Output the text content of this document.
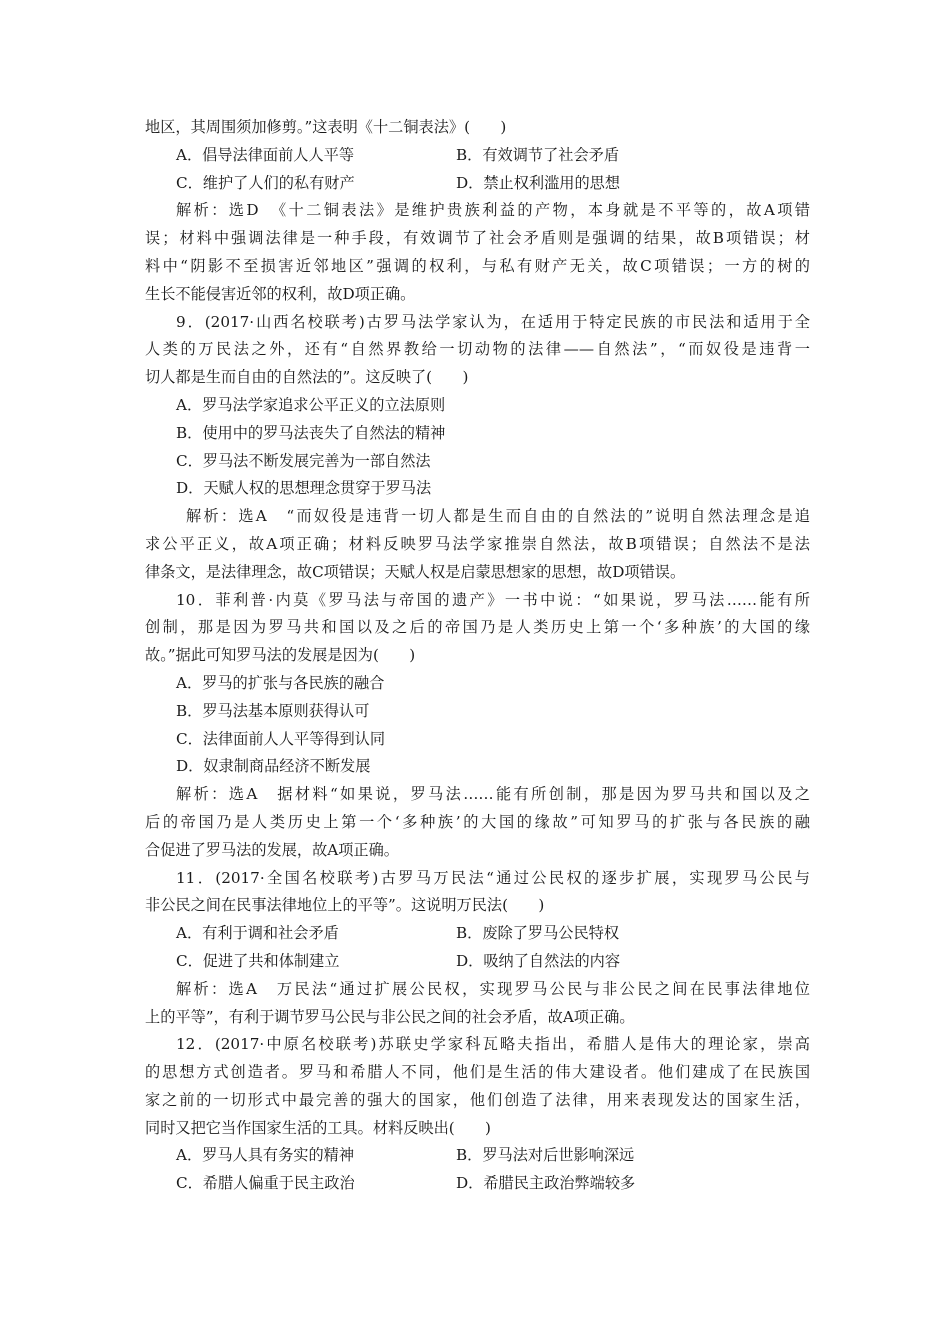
地区，其周围须加修剪。”这表明《十二铜表法》(　　)
A．倡导法律面前人人平等	B．有效调节了社会矛盾
C．维护了人们的私有财产	D．禁止权利滥用的思想
解析：选D　《十二铜表法》是维护贵族利益的产物，本身就是不平等的，故A项错
误；材料中强调法律是一种手段，有效调节了社会矛盾则是强调的结果，故B项错误；材
料中“阴影不至损害近邻地区”强调的权利，与私有财产无关，故C项错误；一方的树的
生长不能侵害近邻的权利，故D项正确。
9．(2017·山西名校联考)古罗马法学家认为，在适用于特定民族的市民法和适用于全
人类的万民法之外，还有“自然界教给一切动物的法律——自然法”，“而奴役是违背一
切人都是生而自由的自然法的”。这反映了(　　)
A．罗马法学家追求公平正义的立法原则
B．使用中的罗马法丧失了自然法的精神
C．罗马法不断发展完善为一部自然法
D．天赋人权的思想理念贯穿于罗马法
解析：选A　“而奴役是违背一切人都是生而自由的自然法的”说明自然法理念是追
求公平正义，故A项正确；材料反映罗马法学家推崇自然法，故B项错误；自然法不是法
律条文，是法律理念，故C项错误；天赋人权是启蒙思想家的思想，故D项错误。
10．菲利普·内莫《罗马法与帝国的遗产》一书中说：“如果说，罗马法……能有所
创制，那是因为罗马共和国以及之后的帝国乃是人类历史上第一个‘多种族’的大国的缘
故。”据此可知罗马法的发展是因为(　　)
A．罗马的扩张与各民族的融合
B．罗马法基本原则获得认可
C．法律面前人人平等得到认同
D．奴隶制商品经济不断发展
解析：选A　据材料“如果说，罗马法……能有所创制，那是因为罗马共和国以及之
后的帝国乃是人类历史上第一个‘多种族’的大国的缘故”可知罗马的扩张与各民族的融
合促进了罗马法的发展，故A项正确。
11．(2017·全国名校联考)古罗马万民法“通过公民权的逐步扩展，实现罗马公民与
非公民之间在民事法律地位上的平等”。这说明万民法(　　)
A．有利于调和社会矛盾	B．废除了罗马公民特权
C．促进了共和体制建立	D．吸纳了自然法的内容
解析：选A　万民法“通过扩展公民权，实现罗马公民与非公民之间在民事法律地位
上的平等”，有利于调节罗马公民与非公民之间的社会矛盾，故A项正确。
12．(2017·中原名校联考)苏联史学家科瓦略夫指出，希腊人是伟大的理论家，崇高
的思想方式创造者。罗马和希腊人不同，他们是生活的伟大建设者。他们建成了在民族国
家之前的一切形式中最完善的强大的国家，他们创造了法律，用来表现发达的国家生活，
同时又把它当作国家生活的工具。材料反映出(　　)
A．罗马人具有务实的精神	B．罗马法对后世影响深远
C．希腊人偏重于民主政治	D．希腊民主政治弊端较多
